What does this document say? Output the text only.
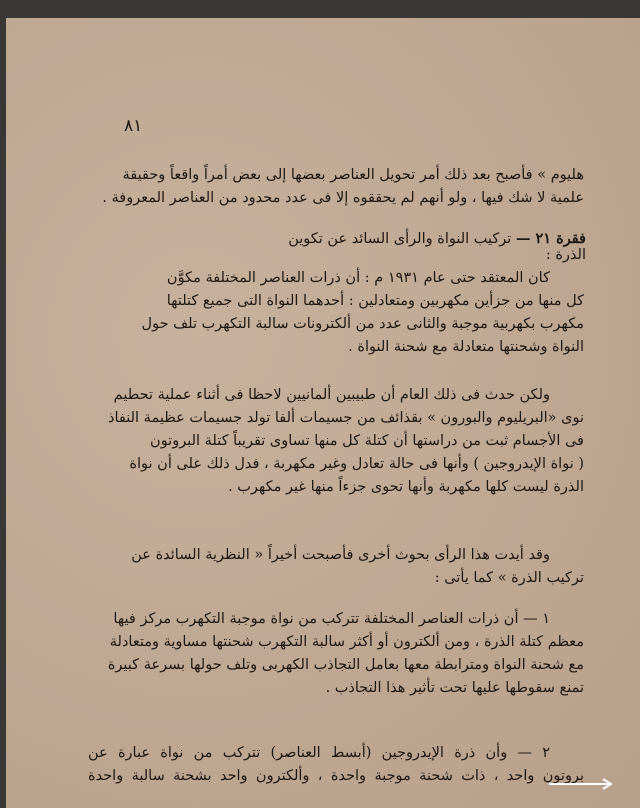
٨١

هليوم » فأصبح بعد ذلك أمر تحويل العناصر بعضها إلى بعض أمراً واقعاً وحقيقة
علمية لا شك فيها ، ولو أنهم لم يحققوه إلا فى عدد محدود من العناصر المعروفة .

فقرة ٢١ — تركيب النواة والرأى السائد عن تكوين الذرة :

كان المعتقد حتى عام ١٩٣١ م : أن ذرات العناصر المختلفة مكوَّن
كل منها من جزأين مكهربين ومتعادلين : أحدهما النواة التى جميع كتلتها
مكهرب بكهربية موجبة والثانى عدد من ألكترونات سالبة التكهرب تلف حول
النواة وشحنتها متعادلة مع شحنة النواة .

ولكن حدث فى ذلك العام أن طبيبين ألمانيين لاحظا فى أثناء عملية تحطيم
نوى «البريليوم والبورون » بقذائف من جسيمات ألفا تولد جسيمات عظيمة النفاذ
فى الأجسام ثبت من دراستها أن كتلة كل منها تساوى تقريباً كتلة البروتون
( نواة الإيدروجين ) وأنها فى حالة تعادل وغير مكهربة ، فدل ذلك على أن نواة
الذرة ليست كلها مكهربة وأنها تحوى جزءاً منها غير مكهرب .

وقد أيدت هذا الرأى بحوث أخرى فأصبحت أخيراً « النظرية السائدة عن
تركيب الذرة » كما يأتى :

١ — أن ذرات العناصر المختلفة تتركب من نواة موجبة التكهرب مركز فيها
معظم كتلة الذرة ، ومن ألكترون أو أكثر سالبة التكهرب شحنتها مساوية ومتعادلة
مع شحنة النواة ومترابطة معها بعامل التجاذب الكهربى وتلف حولها بسرعة كبيرة
تمنع سقوطها عليها تحت تأثير هذا التجاذب .

٢ — وأن ذرة الإيدروجين (أبسط العناصر) تتركب من نواة عبارة عن
بروتون واحد ، ذات شحنة موجبة واحدة ، وألكترون واحد بشحنة سالبة واحدة
